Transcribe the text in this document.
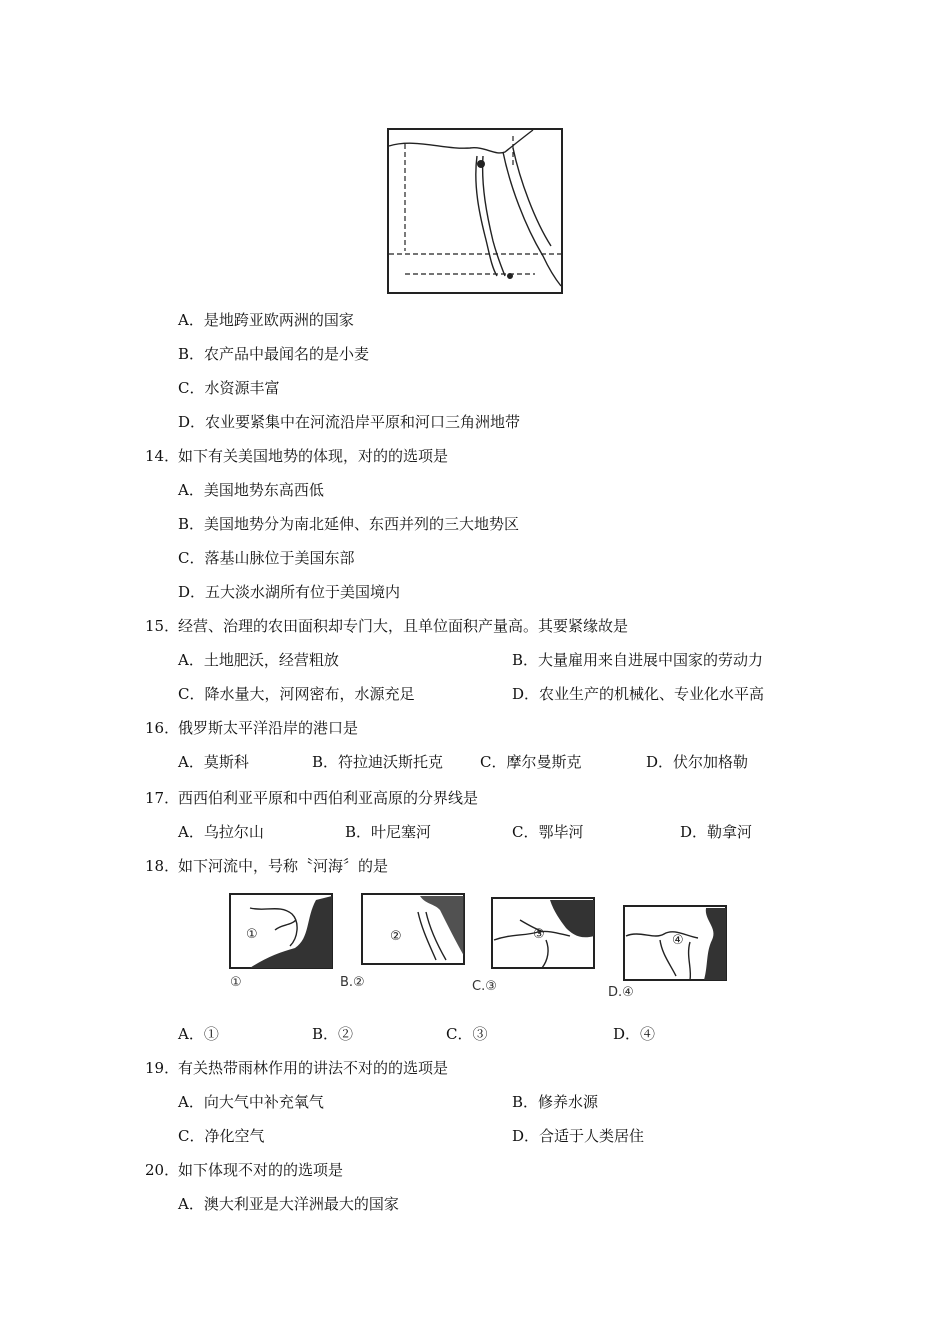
A．是地跨亚欧两洲的国家
B．农产品中最闻名的是小麦
C．水资源丰富
D．农业要紧集中在河流沿岸平原和河口三角洲地带
14．
如下有关美国地势的体现，对的的选项是
A．美国地势东高西低
B．美国地势分为南北延伸、东西并列的三大地势区
C．落基山脉位于美国东部
D．五大淡水湖所有位于美国境内
15．
经营、治理的农田面积却专门大，且单位面积产量高。其要紧缘故是
A．土地肥沃，经营粗放	B．大量雇用来自进展中国家的劳动力
C．降水量大，河网密布，水源充足	D．农业生产的机械化、专业化水平高
16．
俄罗斯太平洋沿岸的港口是
A．莫斯科	B．符拉迪沃斯托克 C．摩尔曼斯克	D．伏尔加格勒
17．
西西伯利亚平原和中西伯利亚高原的分界线是
A．乌拉尔山	B．叶尼塞河	C．鄂毕河	D．勒拿河
18．
如下河流中，号称〝河海〞的是
①
①
②
B.②
③
C.③
④
D.④
A．①	B．②	C．③	D．④
19．
有关热带雨林作用的讲法不对的的选项是
A．向大气中补充氧气	B．修养水源
C．净化空气	D．合适于人类居住
20．
如下体现不对的的选项是
A．澳大利亚是大洋洲最大的国家
